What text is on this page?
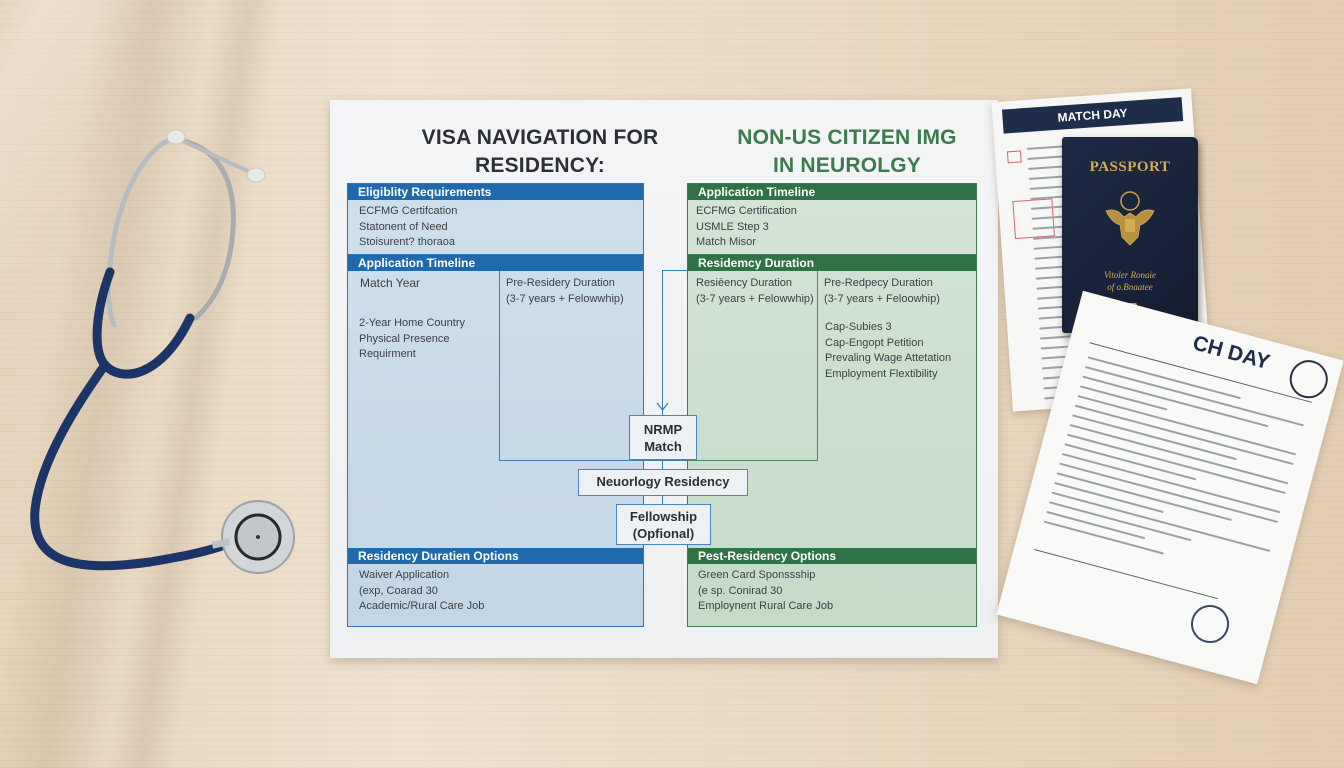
VISA NAVIGATION FOR RESIDENCY:
NON-US CITIZEN IMG
IN NEUROLGY
Eligiblity Requirements
ECFMG Certifcation
Statonent of Need
Stoisurent? thoraoa
Application Timeline
Match Year
2-Year Home Country
Physical Presence
Requirment
Pre-Residery Duration
(3-7 years + Felowwhip)
Residency Duratien Options
Waiver Application
(exp, Coarad 30
Academic/Rural Care Job
Application Timeline
ECFMG Certification
USMLE Step 3
Match Misor
Residemcy Duration
Resiēency Duration
(3-7 years + Felowwhip)
Pre-Redpecy Duration
(3-7 years + Feloowhip)
Cap-Subies 3
Cap-Engopt Petition
Prevaling Wage Attetation
Employment Flextibility
Pest-Residency Options
Green Card Sponssship
(e sp. Conirad 30
Employnent Rural Care Job
NRMP
Match
Neuorlogy Residency
Fellowship
(Opfional)
MATCH DAY
PASSPORT
Vitoler Ronaie
of o.Bnaatee
CH DAY
